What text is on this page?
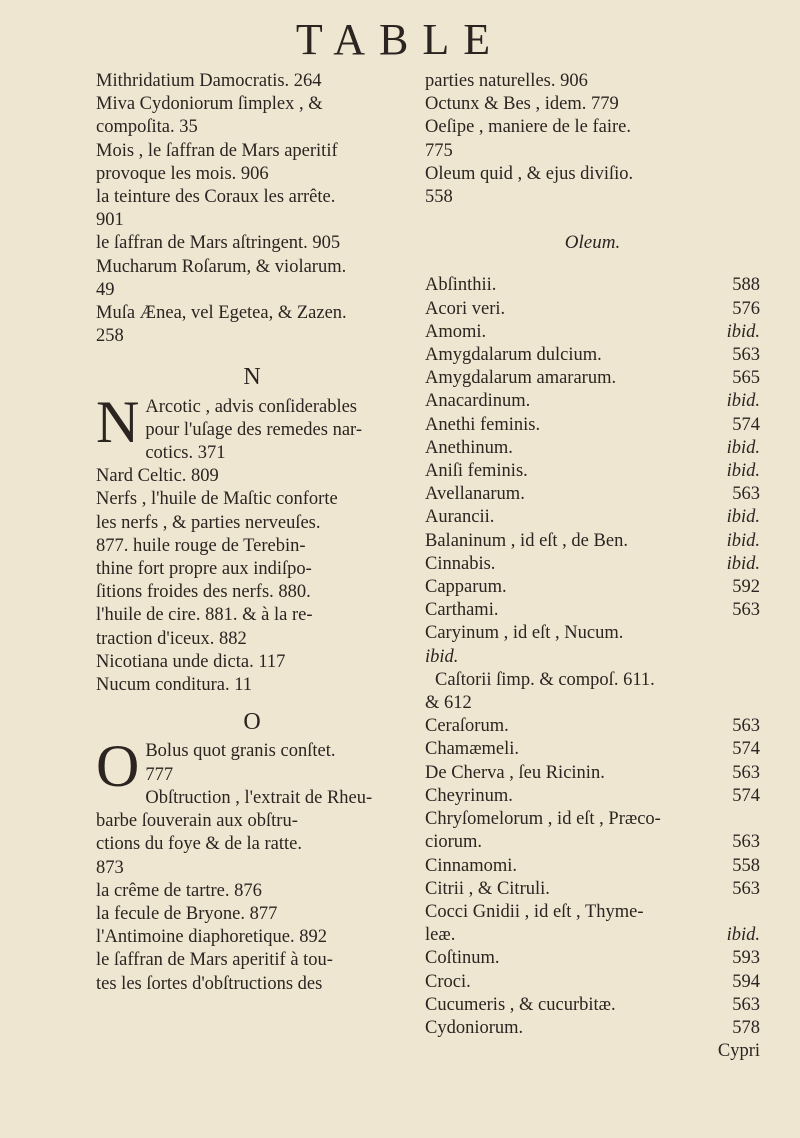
TABLE
Mithridatium Damocratis. 264
Miva Cydoniorum ſimplex , &
compoſita. 35
Mois , le ſaffran de Mars aperitif
provoque les mois. 906
la teinture des Coraux les arrête.
901
le ſaffran de Mars aſtringent. 905
Mucharum Roſarum, & violarum.
49
Muſa Ænea, vel Egetea, & Zazen.
258
N
N Arcotic , advis conſiderables
pour l'uſage des remedes nar-
cotics. 371
Nard Celtic. 809
Nerfs , l'huile de Maſtic conforte
les nerfs , & parties nerveuſes.
877. huile rouge de Terebin-
thine fort propre aux indiſpo-
ſitions froides des nerfs. 880.
l'huile de cire. 881. & à la re-
traction d'iceux. 882
Nicotiana unde dicta. 117
Nucum conditura. 11
O
O Bolus quot granis conſtet.
777
Obſtruction , l'extrait de Rheu-
barbe ſouverain aux obſtru-
ctions du foye & de la ratte.
873
la crême de tartre. 876
la fecule de Bryone. 877
l'Antimoine diaphoretique. 892
le ſaffran de Mars aperitif à tou-
tes les ſortes d'obſtructions des
parties naturelles. 906
Octunx & Bes , idem. 779
Oeſipe , maniere de le faire.
775
Oleum quid , & ejus diviſio.
558
Oleum.
Abſinthii.	588
Acori veri.	576
Amomi.	ibid.
Amygdalarum dulcium.	563
Amygdalarum amararum.	565
Anacardinum.	ibid.
Anethi feminis.	574
Anethinum.	ibid.
Aniſi feminis.	ibid.
Avellanarum.	563
Aurancii.	ibid.
Balaninum , id eſt , de Ben.	ibid.
Cinnabis.	ibid.
Capparum.	592
Carthami.	563
Caryinum , id eſt , Nucum.
ibid.
Caſtorii ſimp. & compoſ. 611.
& 612
Ceraſorum.	563
Chamæmeli.	574
De Cherva , ſeu Ricinin.	563
Cheyrinum.	574
Chryſomelorum , id eſt , Præco-
ciorum.	563
Cinnamomi.	558
Citrii , & Citruli.	563
Cocci Gnidii , id eſt , Thyme-
leæ.	ibid.
Coſtinum.	593
Croci.	594
Cucumeris , & cucurbitæ.	563
Cydoniorum.	578
Cypri
